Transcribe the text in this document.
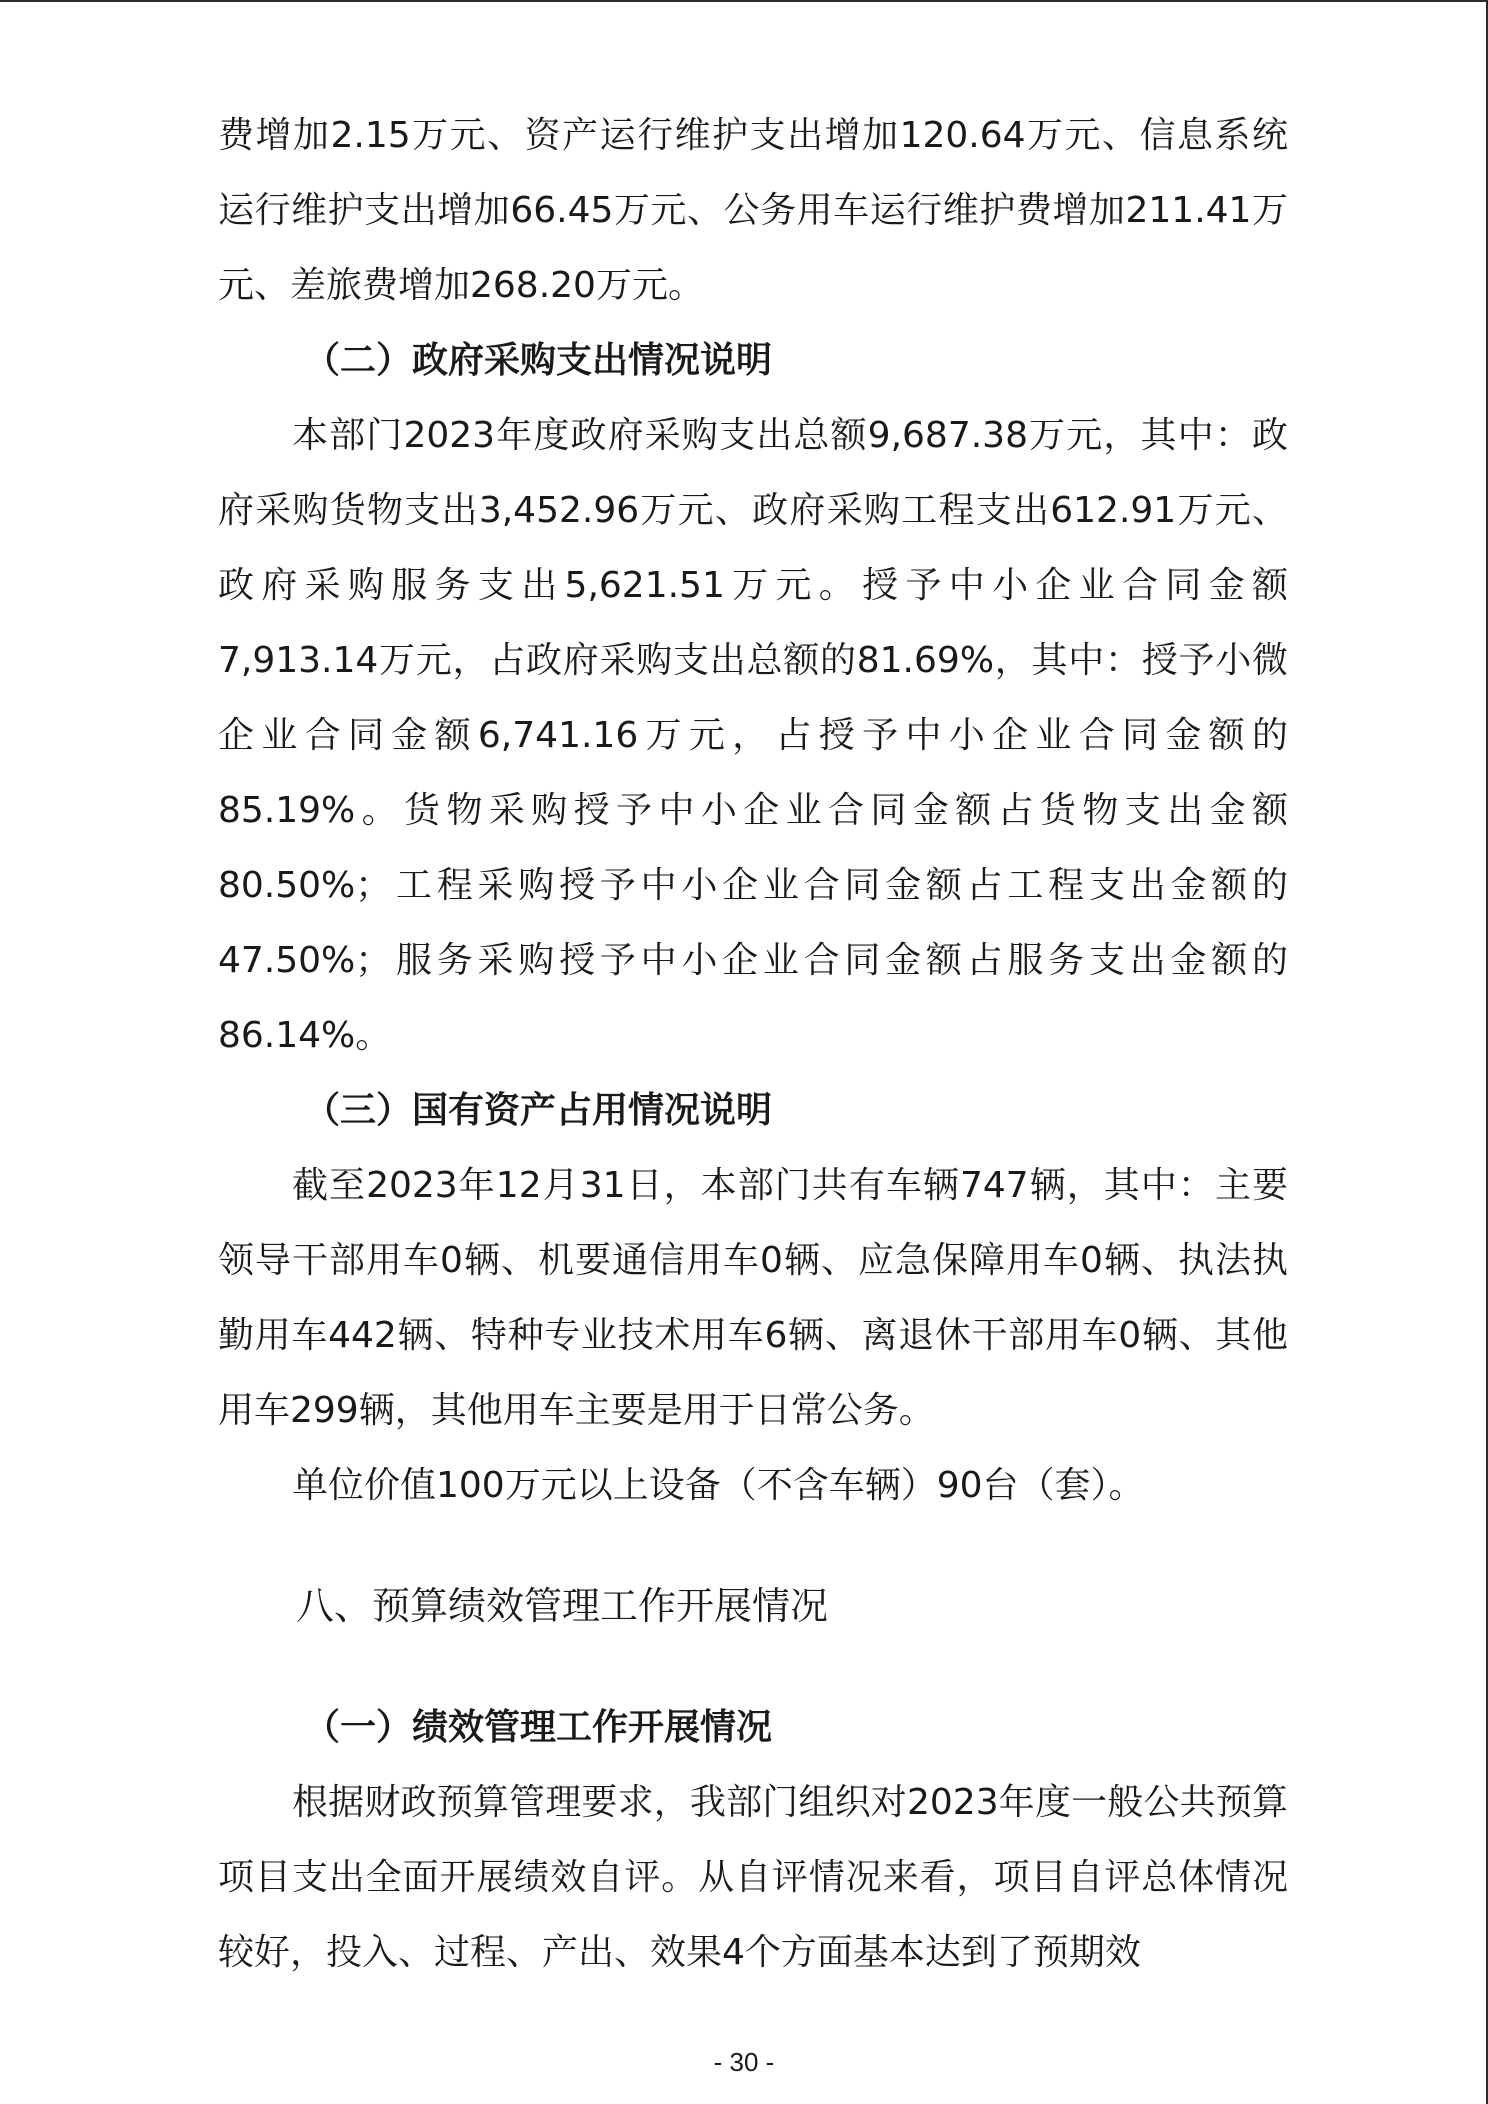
费增加2.15万元、资产运行维护支出增加120.64万元、信息系统运行维护支出增加66.45万元、公务用车运行维护费增加211.41万元、差旅费增加268.20万元。

（二）政府采购支出情况说明

本部门2023年度政府采购支出总额9,687.38万元，其中：政府采购货物支出3,452.96万元、政府采购工程支出612.91万元、政府采购服务支出5,621.51万元。授予中小企业合同金额7,913.14万元，占政府采购支出总额的81.69%，其中：授予小微企业合同金额6,741.16万元，占授予中小企业合同金额的85.19%。货物采购授予中小企业合同金额占货物支出金额80.50%；工程采购授予中小企业合同金额占工程支出金额的47.50%；服务采购授予中小企业合同金额占服务支出金额的86.14%。

（三）国有资产占用情况说明

截至2023年12月31日，本部门共有车辆747辆，其中：主要领导干部用车0辆、机要通信用车0辆、应急保障用车0辆、执法执勤用车442辆、特种专业技术用车6辆、离退休干部用车0辆、其他用车299辆，其他用车主要是用于日常公务。

单位价值100万元以上设备（不含车辆）90台（套）。

八、预算绩效管理工作开展情况
（一）绩效管理工作开展情况

根据财政预算管理要求，我部门组织对2023年度一般公共预算项目支出全面开展绩效自评。从自评情况来看，项目自评总体情况较好，投入、过程、产出、效果4个方面基本达到了预期效

- 30 -
